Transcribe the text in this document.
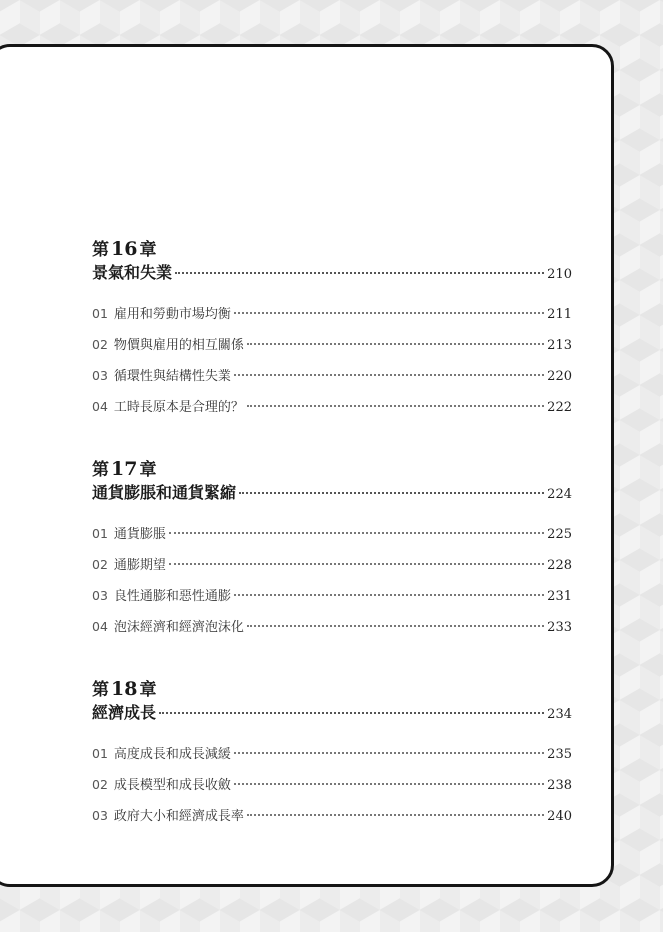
第 16 章
景氣和失業	210
01 雇用和勞動市場均衡	211
02 物價與雇用的相互關係	213
03 循環性與結構性失業	220
04 工時長原本是合理的？	222
第 17 章
通貨膨脹和通貨緊縮	224
01 通貨膨脹	225
02 通膨期望	228
03 良性通膨和惡性通膨	231
04 泡沫經濟和經濟泡沫化	233
第 18 章
經濟成長	234
01 高度成長和成長減緩	235
02 成長模型和成長收斂	238
03 政府大小和經濟成長率	240
